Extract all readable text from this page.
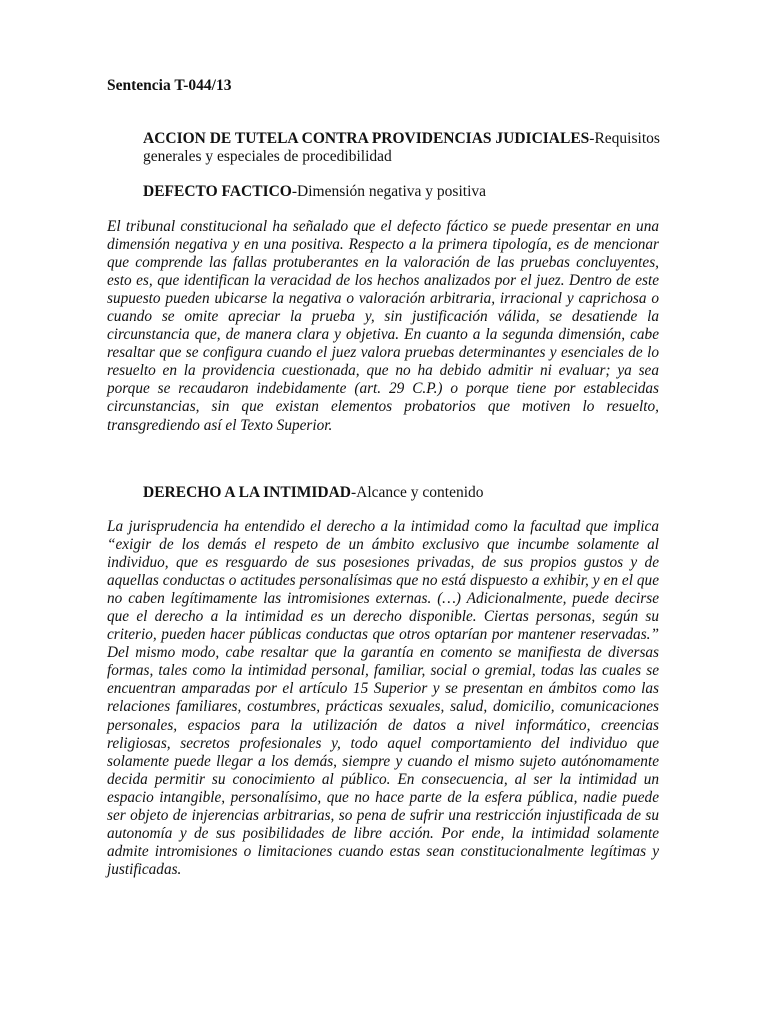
Sentencia T-044/13
ACCION DE TUTELA CONTRA PROVIDENCIAS JUDICIALES-Requisitos generales y especiales de procedibilidad
DEFECTO FACTICO-Dimensión negativa y positiva

El tribunal constitucional ha señalado que el defecto fáctico se puede presentar en una dimensión negativa y en una positiva. Respecto a la primera tipología, es de mencionar que comprende las fallas protuberantes en la valoración de las pruebas concluyentes, esto es, que identifican la veracidad de los hechos analizados por el juez. Dentro de este supuesto pueden ubicarse la negativa o valoración arbitraria, irracional y caprichosa o cuando se omite apreciar la prueba y, sin justificación válida, se desatiende la circunstancia que, de manera clara y objetiva. En cuanto a la segunda dimensión, cabe resaltar que se configura cuando el juez valora pruebas determinantes y esenciales de lo resuelto en la providencia cuestionada, que no ha debido admitir ni evaluar; ya sea porque se recaudaron indebidamente (art. 29 C.P.) o porque tiene por establecidas circunstancias, sin que existan elementos probatorios que motiven lo resuelto, transgrediendo así el Texto Superior.

DERECHO A LA INTIMIDAD-Alcance y contenido

La jurisprudencia ha entendido el derecho a la intimidad como la facultad que implica “exigir de los demás el respeto de un ámbito exclusivo que incumbe solamente al individuo, que es resguardo de sus posesiones privadas, de sus propios gustos y de aquellas conductas o actitudes personalísimas que no está dispuesto a exhibir, y en el que no caben legítimamente las intromisiones externas. (…) Adicionalmente, puede decirse que el derecho a la intimidad es un derecho disponible. Ciertas personas, según su criterio, pueden hacer públicas conductas que otros optarían por mantener reservadas.” Del mismo modo, cabe resaltar que la garantía en comento se manifiesta de diversas formas, tales como la intimidad personal, familiar, social o gremial, todas las cuales se encuentran amparadas por el artículo 15 Superior y se presentan en ámbitos como las relaciones familiares, costumbres, prácticas sexuales, salud, domicilio, comunicaciones personales, espacios para la utilización de datos a nivel informático, creencias religiosas, secretos profesionales y, todo aquel comportamiento del individuo que solamente puede llegar a los demás, siempre y cuando el mismo sujeto autónomamente decida permitir su conocimiento al público. En consecuencia, al ser la intimidad un espacio intangible, personalísimo, que no hace parte de la esfera pública, nadie puede ser objeto de injerencias arbitrarias, so pena de sufrir una restricción injustificada de su autonomía y de sus posibilidades de libre acción. Por ende, la intimidad solamente admite intromisiones o limitaciones cuando estas sean constitucionalmente legítimas y justificadas.
